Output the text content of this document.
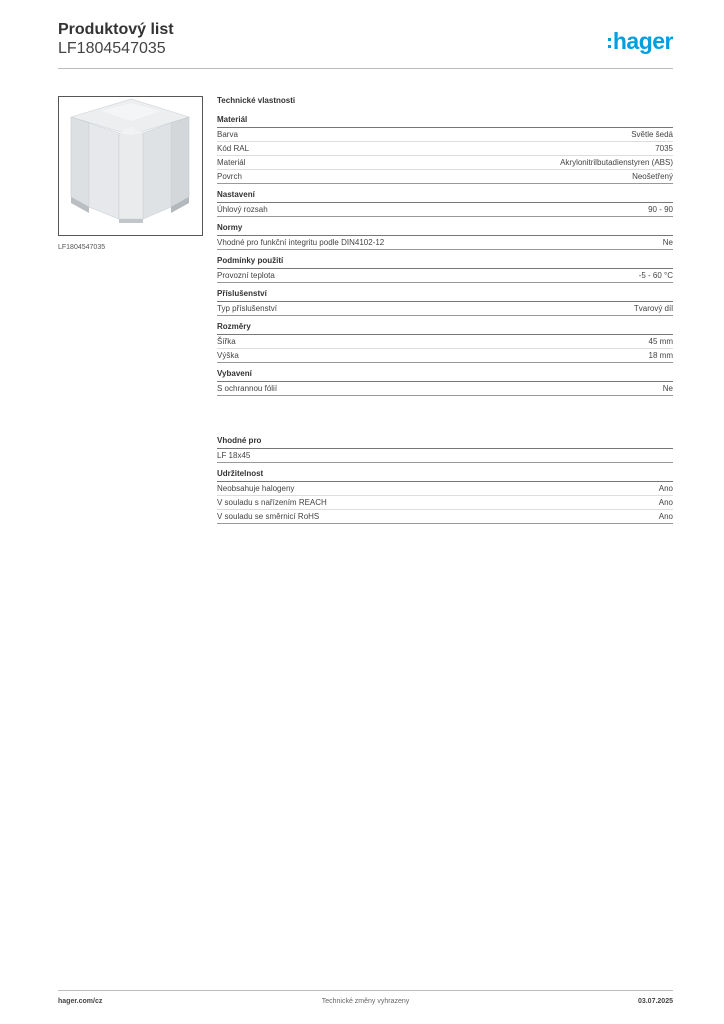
Produktový list
LF1804547035	hager
LF1804547035
Technické vlastnosti
Materiál
Barva	Světle šedá
Kód RAL	7035
Materiál	Akrylonitrilbutadienstyren (ABS)
Povrch	Neošetřený
Nastavení
Úhlový rozsah	90 - 90
Normy
Vhodné pro funkční integritu podle DIN4102-12	Ne
Podmínky použití
Provozní teplota	-5 - 60 °C
Příslušenství
Typ příslušenství	Tvarový díl
Rozměry
Šířka	45 mm
Výška	18 mm
Vybavení
S ochrannou fólií	Ne
Vhodné pro
LF 18x45
Udržitelnost
Neobsahuje halogeny	Ano
V souladu s nařízením REACH	Ano
V souladu se směrnicí RoHS	Ano
hager.com/cz	Technické změny vyhrazeny	03.07.2025
